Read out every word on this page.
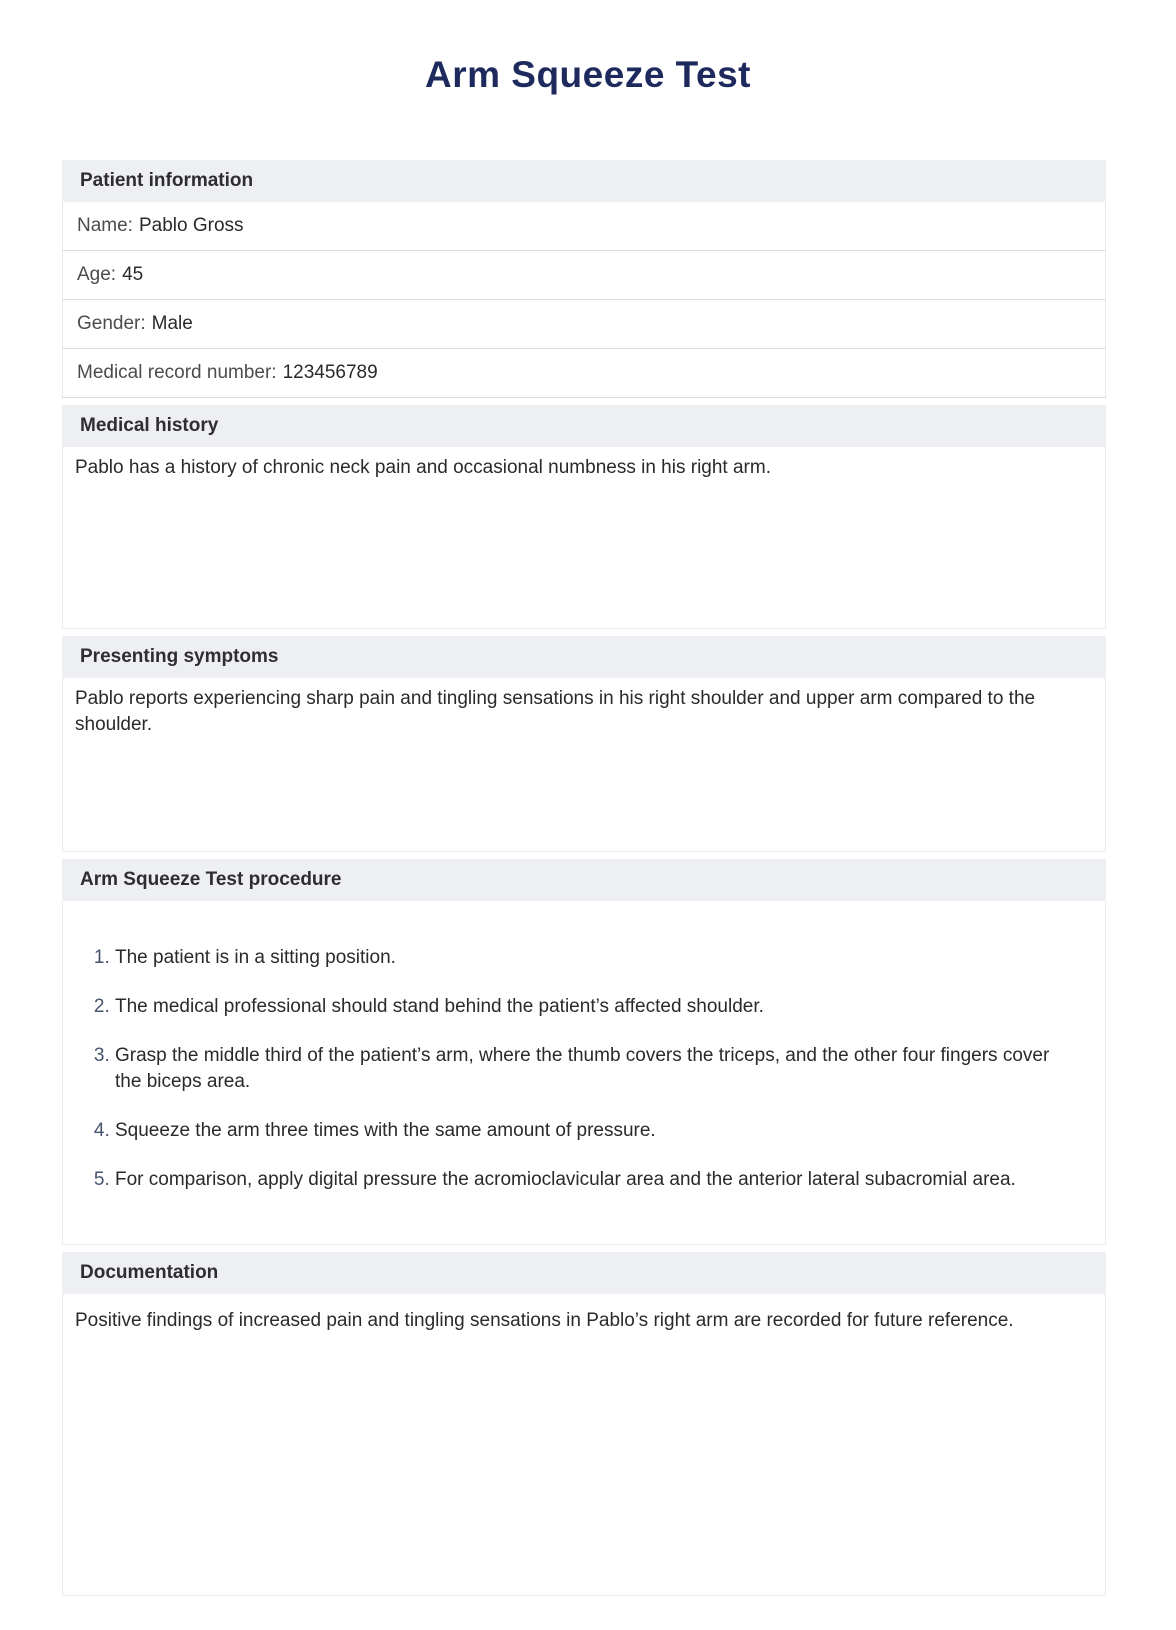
Arm Squeeze Test
Patient information
Name: Pablo Gross
Age: 45
Gender: Male
Medical record number: 123456789
Medical history
Pablo has a history of chronic neck pain and occasional numbness in his right arm.
Presenting symptoms
Pablo reports experiencing sharp pain and tingling sensations in his right shoulder and upper arm compared to the shoulder.
Arm Squeeze Test procedure
1. The patient is in a sitting position.
2. The medical professional should stand behind the patient’s affected shoulder.
3. Grasp the middle third of the patient’s arm, where the thumb covers the triceps, and the other four fingers cover the biceps area.
4. Squeeze the arm three times with the same amount of pressure.
5. For comparison, apply digital pressure the acromioclavicular area and the anterior lateral subacromial area.
Documentation
Positive findings of increased pain and tingling sensations in Pablo’s right arm are recorded for future reference.
